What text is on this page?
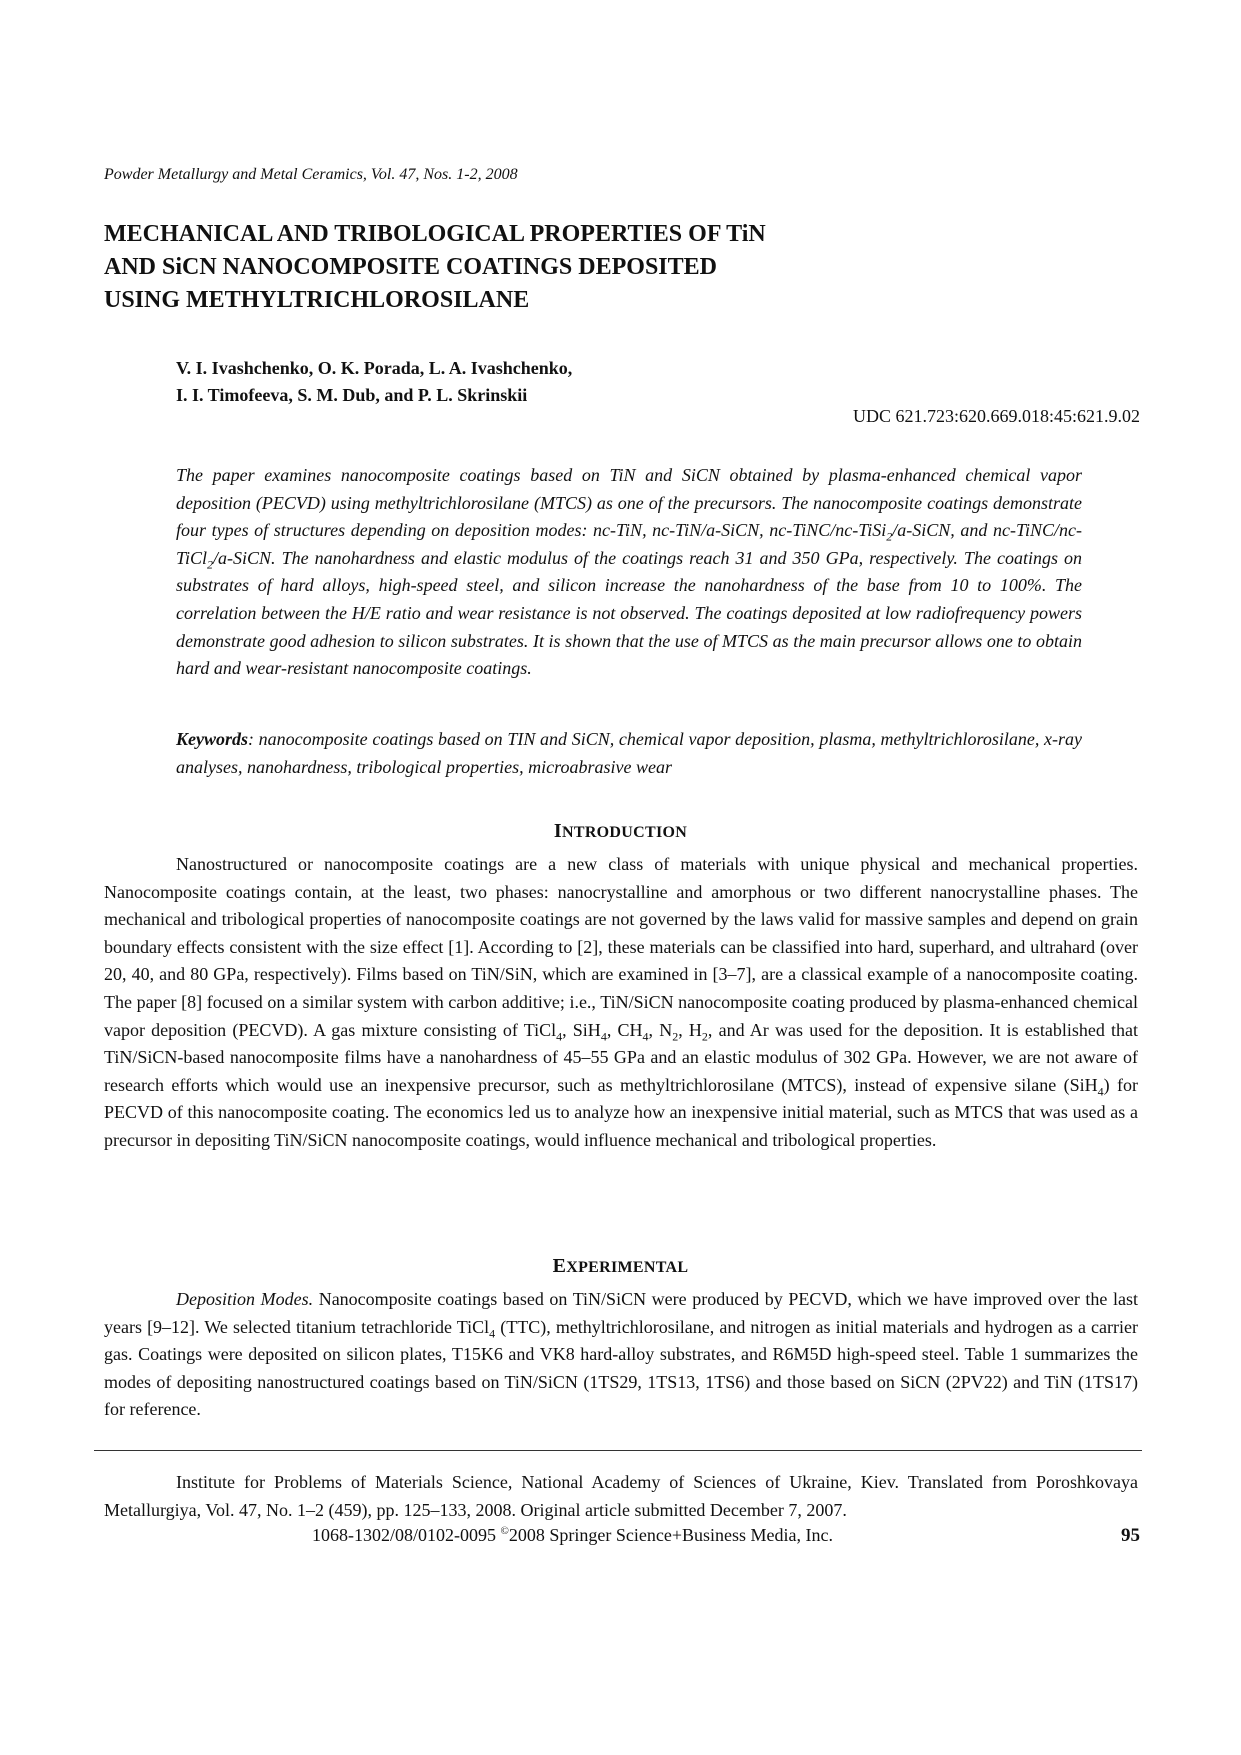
Powder Metallurgy and Metal Ceramics, Vol. 47, Nos. 1-2, 2008
MECHANICAL AND TRIBOLOGICAL PROPERTIES OF TiN
AND SiCN NANOCOMPOSITE COATINGS DEPOSITED
USING METHYLTRICHLOROSILANE
V. I. Ivashchenko, O. K. Porada, L. A. Ivashchenko,
I. I. Timofeeva, S. M. Dub, and P. L. Skrinskii
UDC 621.723:620.669.018:45:621.9.02

The paper examines nanocomposite coatings based on TiN and SiCN obtained by plasma-enhanced chemical vapor deposition (PECVD) using methyltrichlorosilane (MTCS) as one of the precursors. The nanocomposite coatings demonstrate four types of structures depending on deposition modes: nc-TiN, nc-TiN/a-SiCN, nc-TiNC/nc-TiSi$_2$/a-SiCN, and nc-TiNC/nc-TiCl$_2$/a-SiCN. The nanohardness and elastic modulus of the coatings reach 31 and 350 GPa, respectively. The coatings on substrates of hard alloys, high-speed steel, and silicon increase the nanohardness of the base from 10 to 100%. The correlation between the H/E ratio and wear resistance is not observed. The coatings deposited at low radiofrequency powers demonstrate good adhesion to silicon substrates. It is shown that the use of MTCS as the main precursor allows one to obtain hard and wear-resistant nanocomposite coatings.

Keywords: nanocomposite coatings based on TIN and SiCN, chemical vapor deposition, plasma, methyltrichlorosilane, x-ray analyses, nanohardness, tribological properties, microabrasive wear

INTRODUCTION

Nanostructured or nanocomposite coatings are a new class of materials with unique physical and mechanical properties. Nanocomposite coatings contain, at the least, two phases: nanocrystalline and amorphous or two different nanocrystalline phases. The mechanical and tribological properties of nanocomposite coatings are not governed by the laws valid for massive samples and depend on grain boundary effects consistent with the size effect [1]. According to [2], these materials can be classified into hard, superhard, and ultrahard (over 20, 40, and 80 GPa, respectively). Films based on TiN/SiN, which are examined in [3–7], are a classical example of a nanocomposite coating. The paper [8] focused on a similar system with carbon additive; i.e., TiN/SiCN nanocomposite coating produced by plasma-enhanced chemical vapor deposition (PECVD). A gas mixture consisting of TiCl$_4$, SiH$_4$, $CH_4$, $N_2$, $H_2$, and Ar was used for the deposition. It is established that TiN/SiCN-based nanocomposite films have a nanohardness of 45–55 GPa and an elastic modulus of 302 GPa. However, we are not aware of research efforts which would use an inexpensive precursor, such as methyltrichlorosilane (MTCS), instead of expensive silane (SiH$_4$) for PECVD of this nanocomposite coating. The economics led us to analyze how an inexpensive initial material, such as MTCS that was used as a precursor in depositing TiN/SiCN nanocomposite coatings, would influence mechanical and tribological properties.

EXPERIMENTAL

Deposition Modes. Nanocomposite coatings based on TiN/SiCN were produced by PECVD, which we have improved over the last years [9–12]. We selected titanium tetrachloride TiCl$_4$ (TTC), methyltrichlorosilane, and nitrogen as initial materials and hydrogen as a carrier gas. Coatings were deposited on silicon plates, T15K6 and VK8 hard-alloy substrates, and R6M5D high-speed steel. Table 1 summarizes the modes of depositing nanostructured coatings based on TiN/SiCN (1TS29, 1TS13, 1TS6) and those based on SiCN (2PV22) and TiN (1TS17) for reference.

Institute for Problems of Materials Science, National Academy of Sciences of Ukraine, Kiev. Translated from Poroshkovaya Metallurgiya, Vol. 47, No. 1–2 (459), pp. 125–133, 2008. Original article submitted December 7, 2007.

1068-1302/08/0102-0095 ©2008 Springer Science+Business Media, Inc.	95
